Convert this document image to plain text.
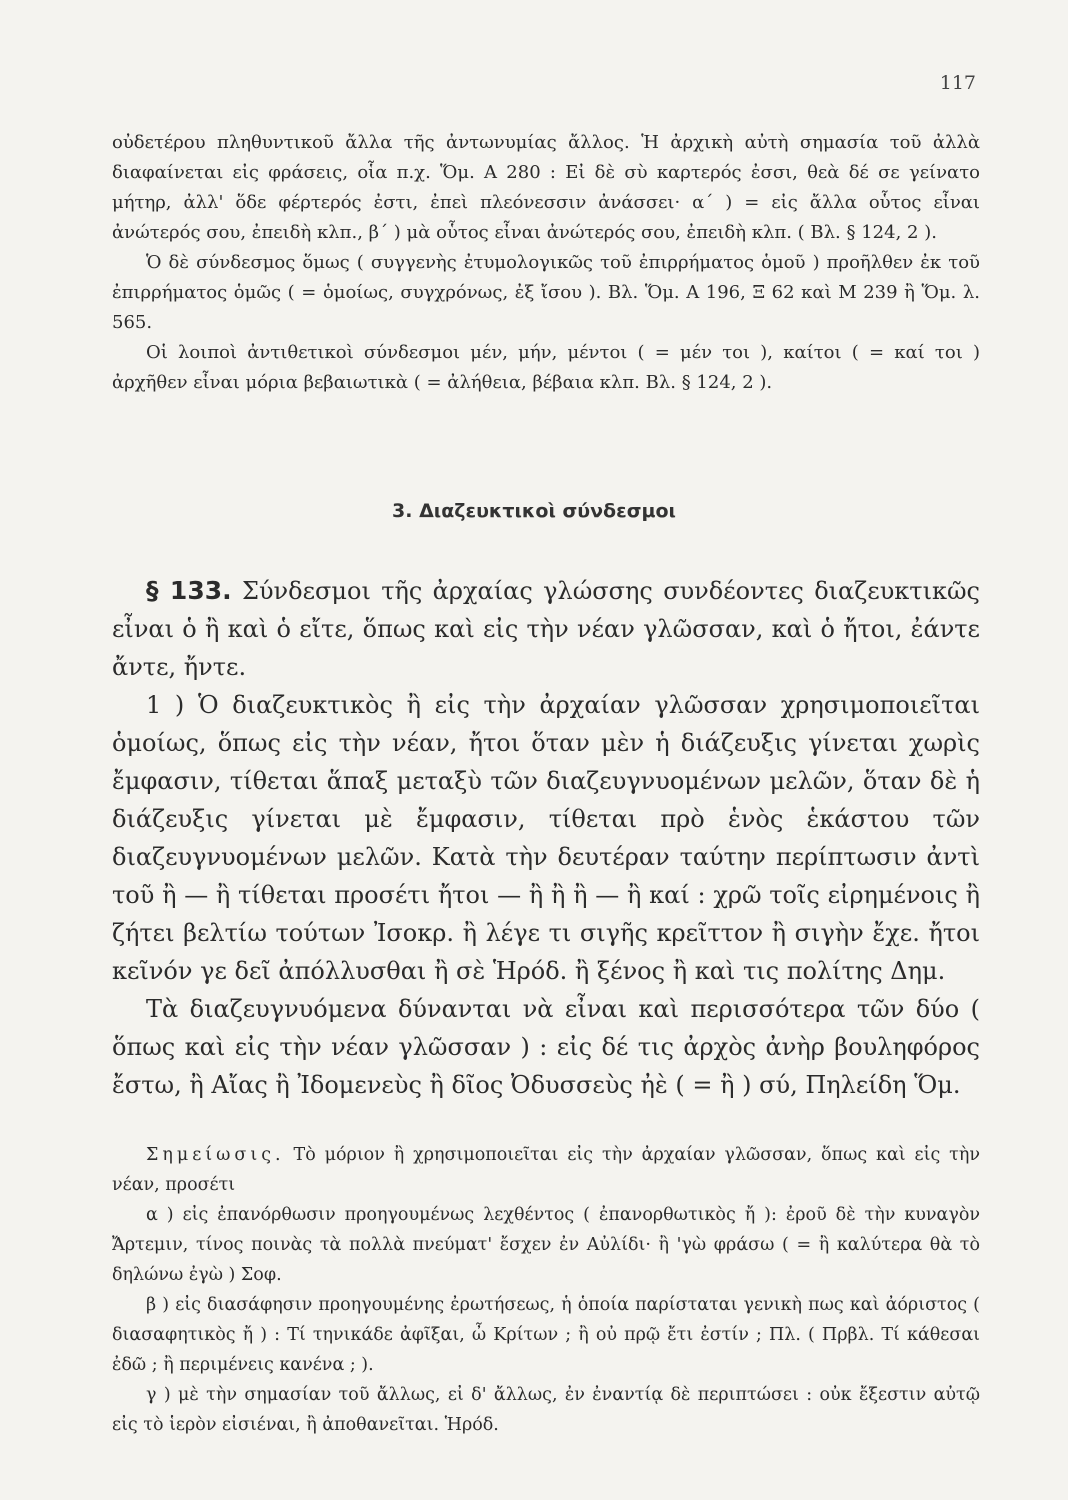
117

οὐδετέρου πληθυντικοῦ ἄλλα τῆς ἀντωνυμίας ἄλλος. Ἡ ἀρχικὴ αὐτὴ σημασία τοῦ ἀλλὰ διαφαίνεται εἰς φράσεις, οἷα π.χ. Ὅμ. Α 280 : Εἰ δὲ σὺ καρτερός ἐσσι, θεὰ δέ σε γείνατο μήτηρ, ἀλλ' ὅδε φέρτερός ἐστι, ἐπεὶ πλεόνεσσιν ἀνάσσει· α΄ ) = εἰς ἄλλα οὗτος εἶναι ἀνώτερός σου, ἐπειδὴ κλπ., β΄ ) μὰ οὗτος εἶναι ἀνώτερός σου, ἐπειδὴ κλπ. ( Βλ. § 124, 2 ).

Ὁ δὲ σύνδεσμος ὅμως ( συγγενὴς ἐτυμολογικῶς τοῦ ἐπιρρήματος ὁμοῦ ) προῆλθεν ἐκ τοῦ ἐπιρρήματος ὁμῶς ( = ὁμοίως, συγχρόνως, ἐξ ἴσου ). Βλ. Ὅμ. Α 196, Ξ 62 καὶ Μ 239 ἢ Ὅμ. λ. 565.

Οἱ λοιποὶ ἀντιθετικοὶ σύνδεσμοι μέν, μήν, μέντοι ( = μέν τοι ), καίτοι ( = καί τοι ) ἀρχῆθεν εἶναι μόρια βεβαιωτικὰ ( = ἀλήθεια, βέβαια κλπ. Βλ. § 124, 2 ).

3. Διαζευκτικοὶ σύνδεσμοι

§ 133. Σύνδεσμοι τῆς ἀρχαίας γλώσσης συνδέοντες διαζευκτικῶς εἶναι ὁ ἢ καὶ ὁ εἴτε, ὅπως καὶ εἰς τὴν νέαν γλῶσσαν, καὶ ὁ ἤτοι, ἐάντε ἄντε, ἤντε.

1 ) Ὁ διαζευκτικὸς ἢ εἰς τὴν ἀρχαίαν γλῶσσαν χρησιμοποιεῖται ὁμοίως, ὅπως εἰς τὴν νέαν, ἤτοι ὅταν μὲν ἡ διάζευξις γίνεται χωρὶς ἔμφασιν, τίθεται ἅπαξ μεταξὺ τῶν διαζευγνυομένων μελῶν, ὅταν δὲ ἡ διάζευξις γίνεται μὲ ἔμφασιν, τίθεται πρὸ ἑνὸς ἑκάστου τῶν διαζευγνυομένων μελῶν. Κατὰ τὴν δευτέραν ταύτην περίπτωσιν ἀντὶ τοῦ ἢ — ἢ τίθεται προσέτι ἤτοι — ἢ ἢ ἢ — ἢ καί : χρῶ τοῖς εἰρημένοις ἢ ζήτει βελτίω τούτων Ἰσοκρ. ἢ λέγε τι σιγῆς κρεῖττον ἢ σιγὴν ἔχε. ἤτοι κεῖνόν γε δεῖ ἀπόλλυσθαι ἢ σὲ Ἡρόδ. ἢ ξένος ἢ καὶ τις πολίτης Δημ.

Τὰ διαζευγνυόμενα δύνανται νὰ εἶναι καὶ περισσότερα τῶν δύο ( ὅπως καὶ εἰς τὴν νέαν γλῶσσαν ) : εἰς δέ τις ἀρχὸς ἀνὴρ βουληφόρος ἔστω, ἢ Αἴας ἢ Ἰδομενεὺς ἢ δῖος Ὀδυσσεὺς ἠὲ ( = ἢ ) σύ, Πηλείδη Ὅμ.

Σημείωσις. Τὸ μόριον ἢ χρησιμοποιεῖται εἰς τὴν ἀρχαίαν γλῶσσαν, ὅπως καὶ εἰς τὴν νέαν, προσέτι

α ) εἰς ἐπανόρθωσιν προηγουμένως λεχθέντος ( ἐπανορθωτικὸς ἤ ): ἐροῦ δὲ τὴν κυναγὸν Ἄρτεμιν, τίνος ποινὰς τὰ πολλὰ πνεύματ' ἔσχεν ἐν Αὐλίδι· ἢ 'γὼ φράσω ( = ἢ καλύτερα θὰ τὸ δηλώνω ἐγὼ ) Σοφ.

β ) εἰς διασάφησιν προηγουμένης ἐρωτήσεως, ἡ ὁποία παρίσταται γενικὴ πως καὶ ἀόριστος ( διασαφητικὸς ἤ ) : Τί τηνικάδε ἀφῖξαι, ὦ Κρίτων ; ἢ οὐ πρῷ ἔτι ἐστίν ; Πλ. ( Πρβλ. Τί κάθεσαι ἐδῶ ; ἢ περιμένεις κανένα ; ).

γ ) μὲ τὴν σημασίαν τοῦ ἄλλως, εἰ δ' ἄλλως, ἐν ἐναντίᾳ δὲ περιπτώσει : οὐκ ἔξεστιν αὐτῷ εἰς τὸ ἱερὸν εἰσιέναι, ἢ ἀποθανεῖται. Ἡρόδ.
